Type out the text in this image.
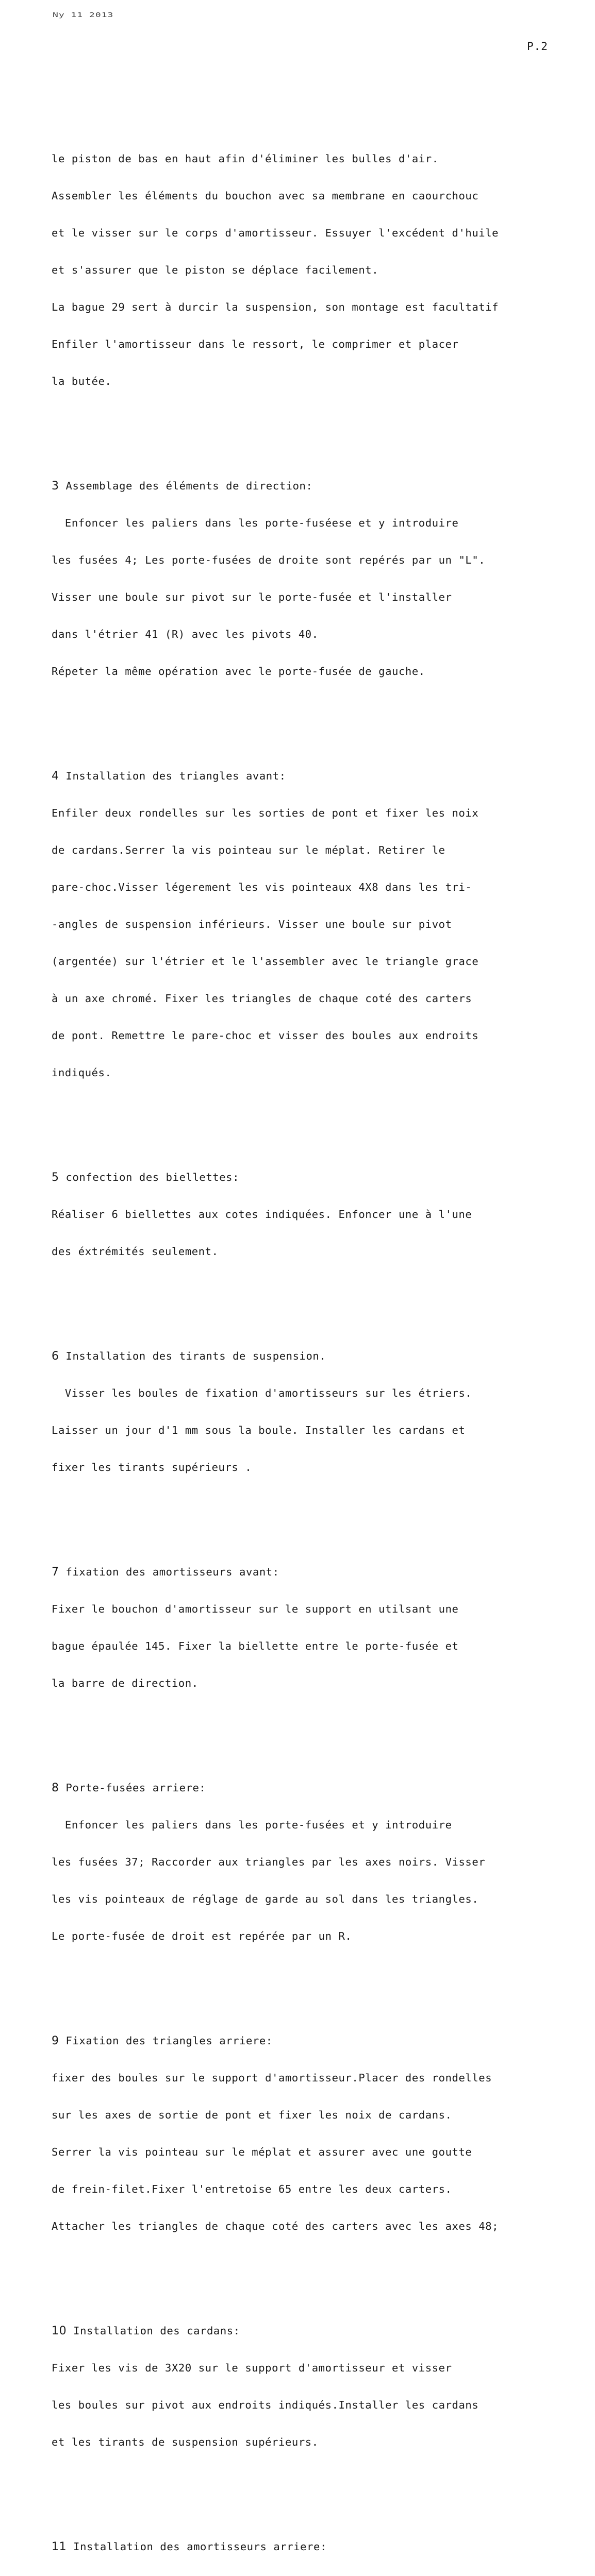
Ny 11 2013
P.2

le piston de bas en haut afin d'éliminer les bulles d'air.

Assembler les éléments du bouchon avec sa membrane en caourchouc

et le visser sur le corps d'amortisseur. Essuyer l'excédent d'huile

et s'assurer que le piston se déplace facilement.

La bague 29 sert à durcir la suspension, son montage est facultatif

Enfiler l'amortisseur dans le ressort, le comprimer et placer

la butée.

3 Assemblage des éléments de direction:

Enfoncer les paliers dans les porte-fuséese et y introduire

les fusées 4; Les porte-fusées de droite sont repérés par un "L".

Visser une boule sur pivot sur le porte-fusée et l'installer

dans l'étrier 41 (R) avec les pivots 40.

Répeter la même opération avec le porte-fusée de gauche.

4 Installation des triangles avant:

Enfiler deux rondelles sur les sorties de pont et fixer les noix

de cardans.Serrer la vis pointeau sur le méplat. Retirer le

pare-choc.Visser légerement les vis pointeaux 4X8 dans les tri-

-angles de suspension inférieurs. Visser une boule sur pivot

(argentée) sur l'étrier et le l'assembler avec le triangle grace

à un axe chromé. Fixer les triangles de chaque coté des carters

de pont. Remettre le pare-choc et visser des boules aux endroits

indiqués.

5 confection des biellettes:

Réaliser 6 biellettes aux cotes indiquées. Enfoncer une à l'une

des éxtrémités seulement.

6 Installation des tirants de suspension.

Visser les boules de fixation d'amortisseurs sur les étriers.

Laisser un jour d'1 mm sous la boule. Installer les cardans et

fixer les tirants supérieurs .

7 fixation des amortisseurs avant:

Fixer le bouchon d'amortisseur sur le support en utilsant une

bague épaulée 145. Fixer la biellette entre le porte-fusée et

la barre de direction.

8 Porte-fusées arriere:

Enfoncer les paliers dans les porte-fusées et y introduire

les fusées 37; Raccorder aux triangles par les axes noirs. Visser

les vis pointeaux de réglage de garde au sol dans les triangles.

Le porte-fusée de droit est repérée par un R.

9 Fixation des triangles arriere:

fixer des boules sur le support d'amortisseur.Placer des rondelles

sur les axes de sortie de pont et fixer les noix de cardans.

Serrer la vis pointeau sur le méplat et assurer avec une goutte

de frein-filet.Fixer l'entretoise 65 entre les deux carters.

Attacher les triangles de chaque coté des carters avec les axes 48;

10 Installation des cardans:

Fixer les vis de 3X20 sur le support d'amortisseur et visser

les boules sur pivot aux endroits indiqués.Installer les cardans

et les tirants de suspension supérieurs.

11 Installation des amortisseurs arriere:
